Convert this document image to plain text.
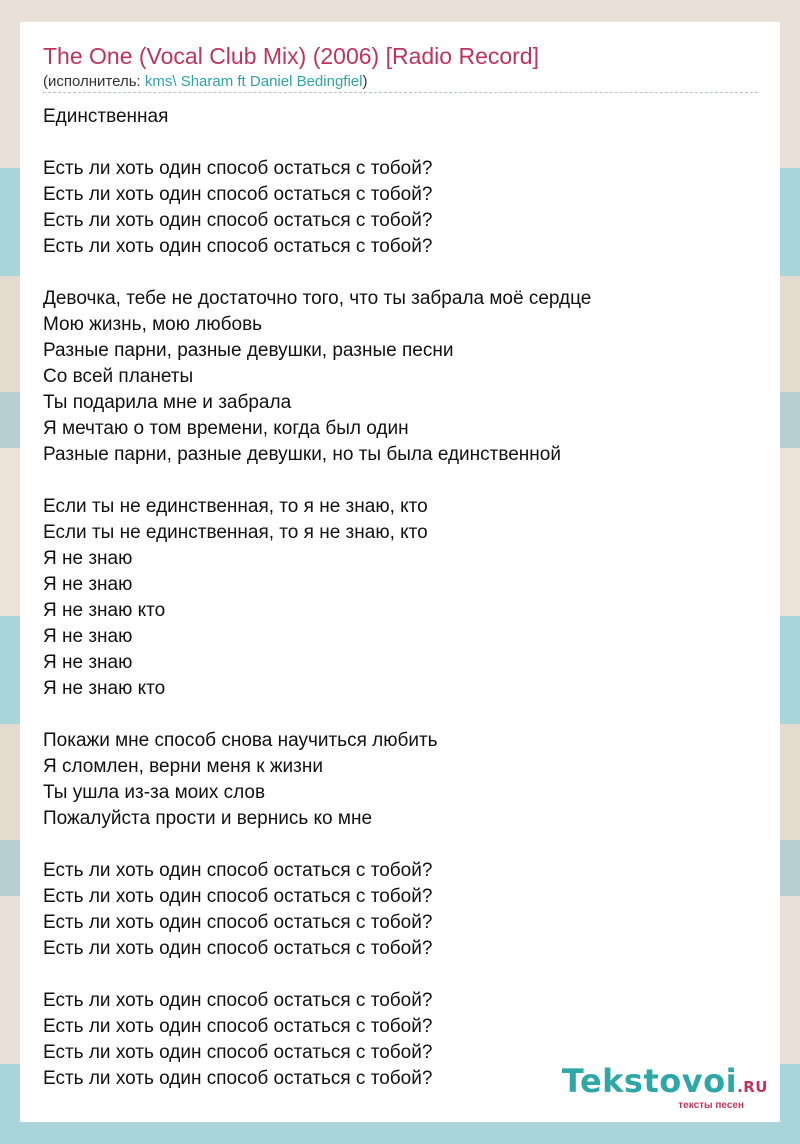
The One (Vocal Club Mix) (2006) [Radio Record]
(исполнитель: kms\ Sharam ft Daniel Bedingfiel)
Единственная
Есть ли хоть один способ остаться с тобой?
Есть ли хоть один способ остаться с тобой?
Есть ли хоть один способ остаться с тобой?
Есть ли хоть один способ остаться с тобой?
Девочка, тебе не достаточно того, что ты забрала моё сердце
Мою жизнь, мою любовь
Разные парни, разные девушки, разные песни
Со всей планеты
Ты подарила мне и забрала
Я мечтаю о том времени, когда был один
Разные парни, разные девушки, но ты была единственной
Если ты не единственная, то я не знаю, кто
Если ты не единственная, то я не знаю, кто
Я не знаю
Я не знаю
Я не знаю кто
Я не знаю
Я не знаю
Я не знаю кто
Покажи мне способ снова научиться любить
Я сломлен, верни меня к жизни
Ты ушла из-за моих слов
Пожалуйста прости и вернись ко мне
Есть ли хоть один способ остаться с тобой?
Есть ли хоть один способ остаться с тобой?
Есть ли хоть один способ остаться с тобой?
Есть ли хоть один способ остаться с тобой?
Есть ли хоть один способ остаться с тобой?
Есть ли хоть один способ остаться с тобой?
Есть ли хоть один способ остаться с тобой?
Есть ли хоть один способ остаться с тобой?	Tekstovoi.RU
тексты песен
